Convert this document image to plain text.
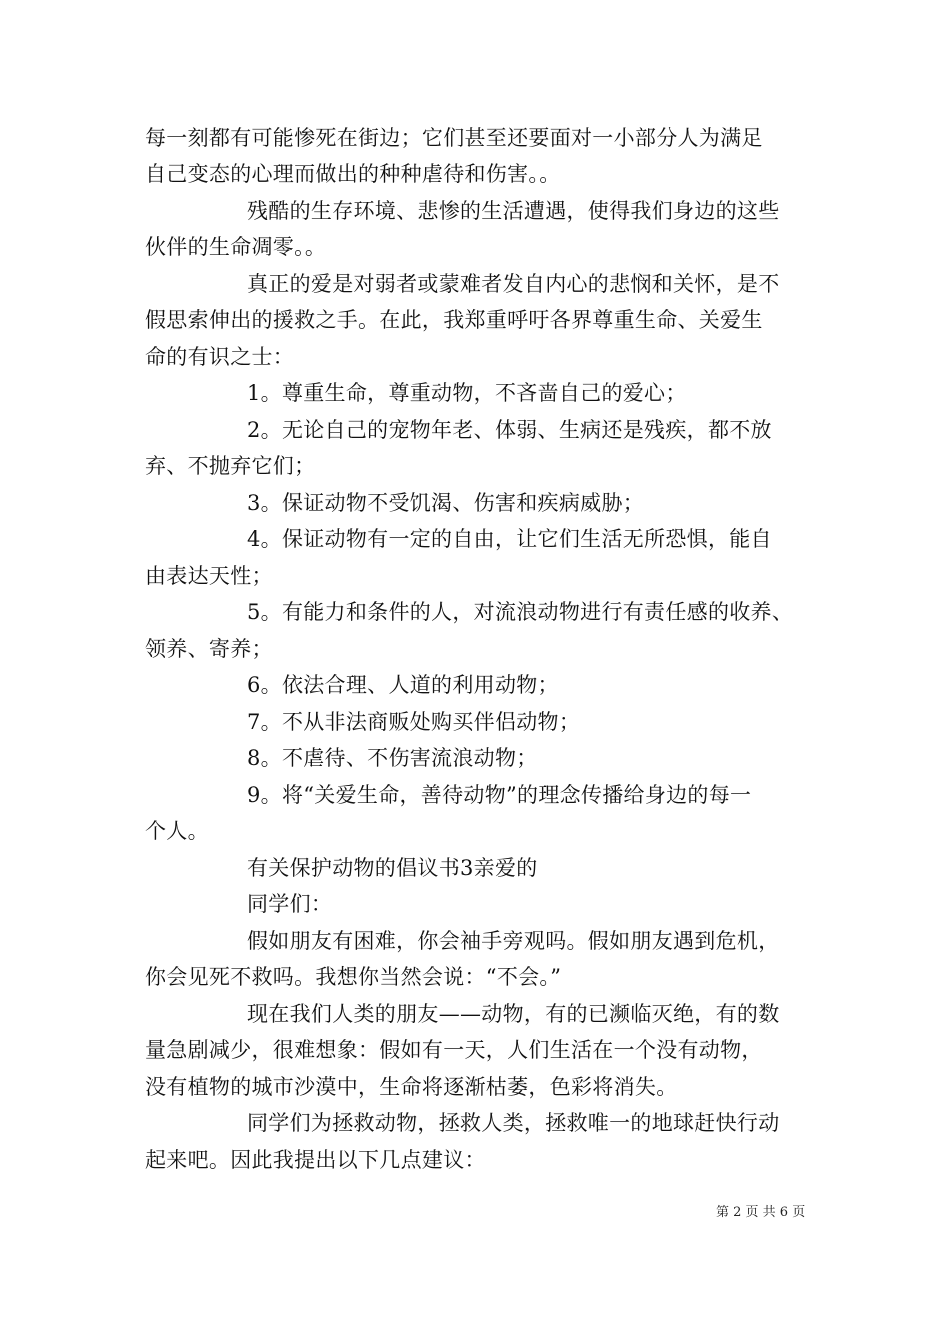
每一刻都有可能惨死在街边；它们甚至还要面对一小部分人为满足
自己变态的心理而做出的种种虐待和伤害。。
残酷的生存环境、悲惨的生活遭遇，使得我们身边的这些
伙伴的生命凋零。。
真正的爱是对弱者或蒙难者发自内心的悲悯和关怀，是不
假思索伸出的援救之手。在此，我郑重呼吁各界尊重生命、关爱生
命的有识之士：
1。尊重生命，尊重动物，不吝啬自己的爱心；
2。无论自己的宠物年老、体弱、生病还是残疾，都不放
弃、不抛弃它们；
3。保证动物不受饥渴、伤害和疾病威胁；
4。保证动物有一定的自由，让它们生活无所恐惧，能自
由表达天性；
5。有能力和条件的人，对流浪动物进行有责任感的收养、
领养、寄养；
6。依法合理、人道的利用动物；
7。不从非法商贩处购买伴侣动物；
8。不虐待、不伤害流浪动物；
9。将“关爱生命，善待动物”的理念传播给身边的每一
个人。
有关保护动物的倡议书3亲爱的
同学们：
假如朋友有困难，你会袖手旁观吗。假如朋友遇到危机，
你会见死不救吗。我想你当然会说：“不会。”
现在我们人类的朋友——动物，有的已濒临灭绝，有的数
量急剧减少，很难想象：假如有一天，人们生活在一个没有动物，
没有植物的城市沙漠中，生命将逐渐枯萎，色彩将消失。
同学们为拯救动物，拯救人类，拯救唯一的地球赶快行动
起来吧。因此我提出以下几点建议：
第 2 页 共 6 页
